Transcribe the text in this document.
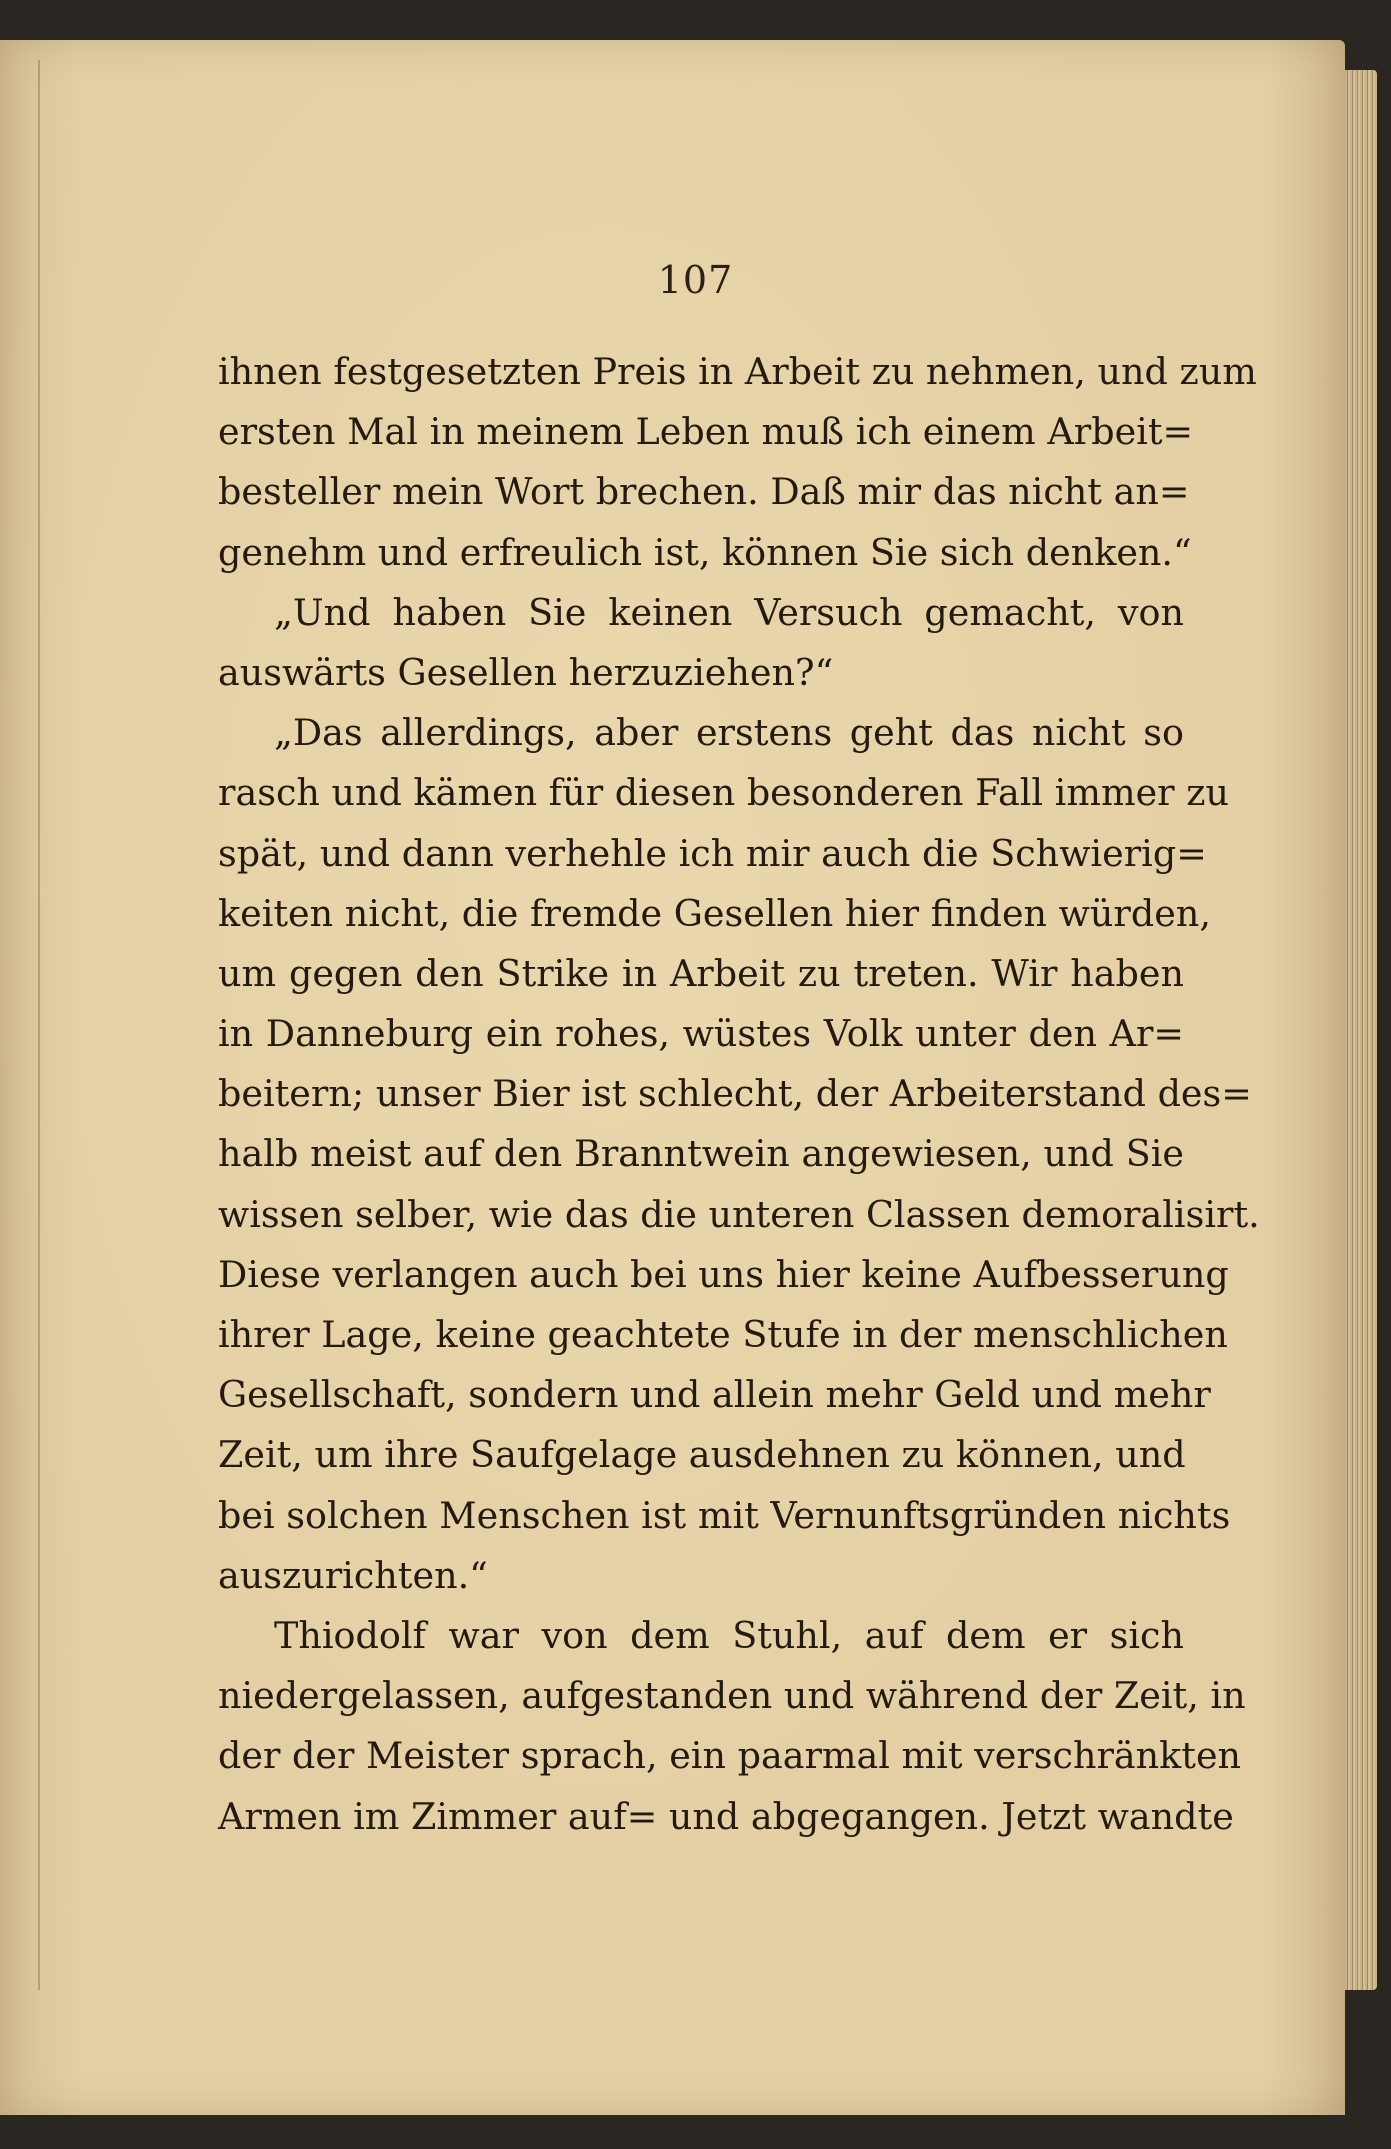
107
ihnen festgesetzten Preis in Arbeit zu nehmen, und zum
ersten Mal in meinem Leben muß ich einem Arbeit=
besteller mein Wort brechen. Daß mir das nicht an=
genehm und erfreulich ist, können Sie sich denken.“
„Und haben Sie keinen Versuch gemacht, von
auswärts Gesellen herzuziehen?“
„Das allerdings, aber erstens geht das nicht so
rasch und kämen für diesen besonderen Fall immer zu
spät, und dann verhehle ich mir auch die Schwierig=
keiten nicht, die fremde Gesellen hier finden würden,
um gegen den Strike in Arbeit zu treten. Wir haben
in Danneburg ein rohes, wüstes Volk unter den Ar=
beitern; unser Bier ist schlecht, der Arbeiterstand des=
halb meist auf den Branntwein angewiesen, und Sie
wissen selber, wie das die unteren Classen demoralisirt.
Diese verlangen auch bei uns hier keine Aufbesserung
ihrer Lage, keine geachtete Stufe in der menschlichen
Gesellschaft, sondern und allein mehr Geld und mehr
Zeit, um ihre Saufgelage ausdehnen zu können, und
bei solchen Menschen ist mit Vernunftsgründen nichts
auszurichten.“
Thiodolf war von dem Stuhl, auf dem er sich
niedergelassen, aufgestanden und während der Zeit, in
der der Meister sprach, ein paarmal mit verschränkten
Armen im Zimmer auf= und abgegangen. Jetzt wandte
